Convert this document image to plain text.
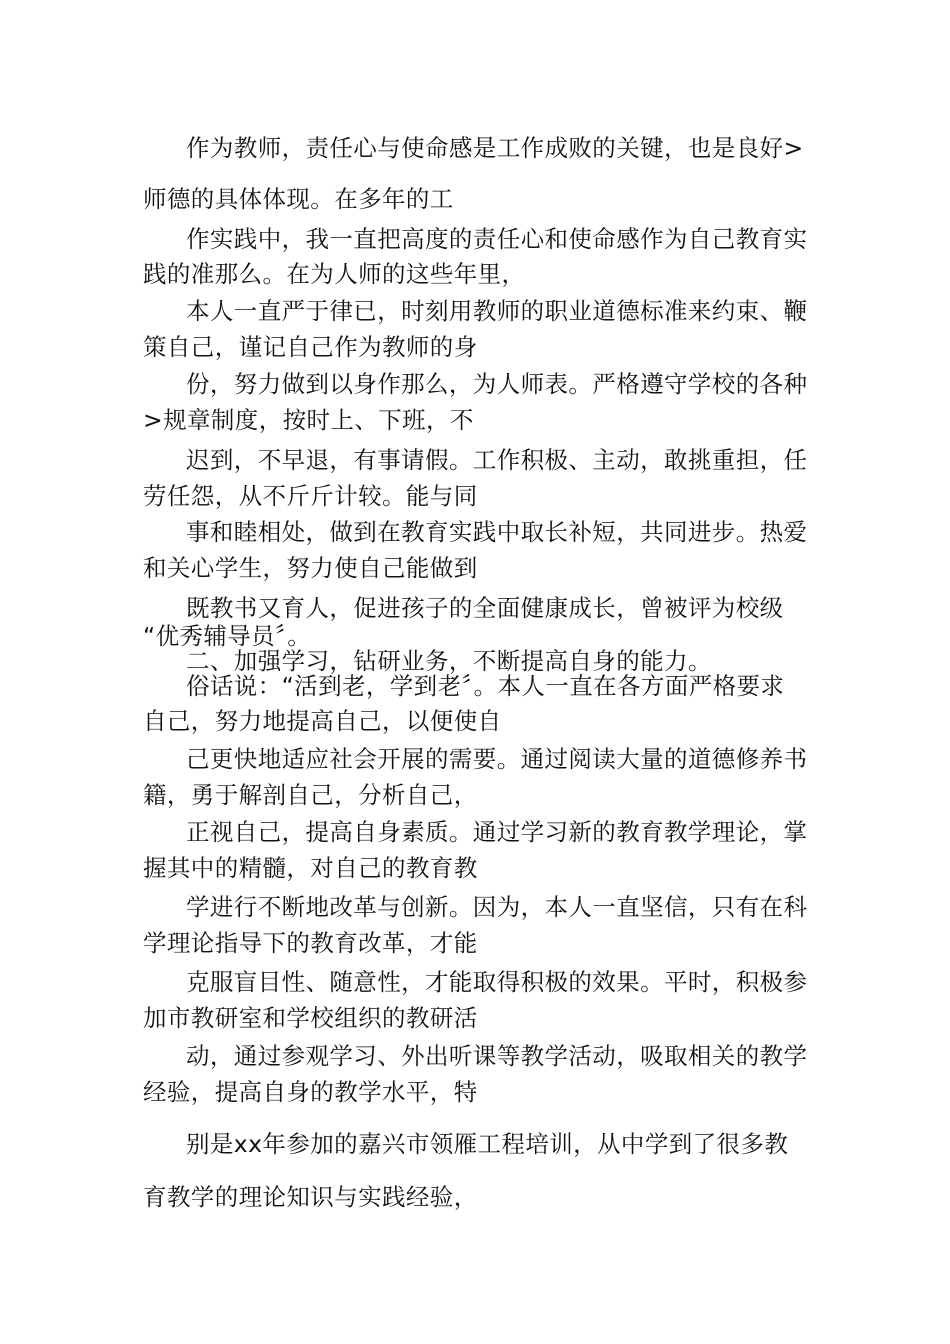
作为教师，责任心与使命感是工作成败的关键，也是良好>
师德的具体体现。在多年的工
作实践中，我一直把高度的责任心和使命感作为自己教育实
践的准那么。在为人师的这些年里，
本人一直严于律已，时刻用教师的职业道德标准来约束、鞭
策自己，谨记自己作为教师的身
份，努力做到以身作那么，为人师表。严格遵守学校的各种
>规章制度，按时上、下班，不
迟到，不早退，有事请假。工作积极、主动，敢挑重担，任
劳任怨，从不斤斤计较。能与同
事和睦相处，做到在教育实践中取长补短，共同进步。热爱
和关心学生，努力使自己能做到
既教书又育人，促进孩子的全面健康成长，曾被评为校级
“优秀辅导员〞。
二、加强学习，钻研业务，不断提高自身的能力。
俗话说：“活到老，学到老〞。本人一直在各方面严格要求
自己，努力地提高自己，以便使自
己更快地适应社会开展的需要。通过阅读大量的道德修养书
籍，勇于解剖自己，分析自己，
正视自己，提高自身素质。通过学习新的教育教学理论，掌
握其中的精髓，对自己的教育教
学进行不断地改革与创新。因为，本人一直坚信，只有在科
学理论指导下的教育改革，才能
克服盲目性、随意性，才能取得积极的效果。平时，积极参
加市教研室和学校组织的教研活
动，通过参观学习、外出听课等教学活动，吸取相关的教学
经验，提高自身的教学水平，特
别是xx年参加的嘉兴市领雁工程培训，从中学到了很多教
育教学的理论知识与实践经验，
